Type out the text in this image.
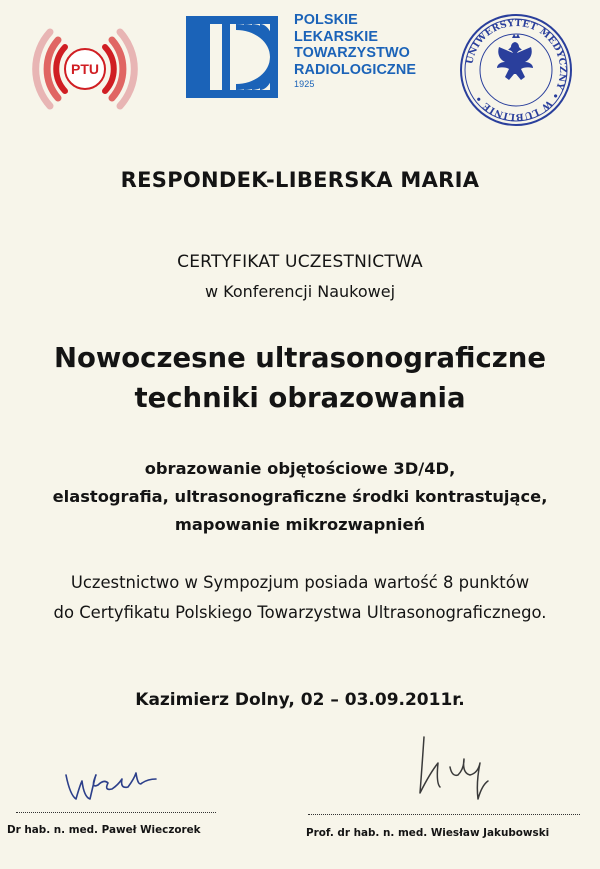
PTU
POLSKIE
LEKARSKIE
TOWARZYSTWO
RADIOLOGICZNE
1925
UNIWERSYTET MEDYCZNY • W LUBLINIE •
RESPONDEK-LIBERSKA MARIA
CERTYFIKAT UCZESTNICTWA
w Konferencji Naukowej
Nowoczesne ultrasonograficzne
techniki obrazowania
obrazowanie objętościowe 3D/4D,
elastografia, ultrasonograficzne środki kontrastujące,
mapowanie mikrozwapnień
Uczestnictwo w Sympozjum posiada wartość 8 punktów
do Certyfikatu Polskiego Towarzystwa Ultrasonograficznego.
Kazimierz Dolny, 02 – 03.09.2011r.
Dr hab. n. med. Paweł Wieczorek	Prof. dr hab. n. med. Wiesław Jakubowski
